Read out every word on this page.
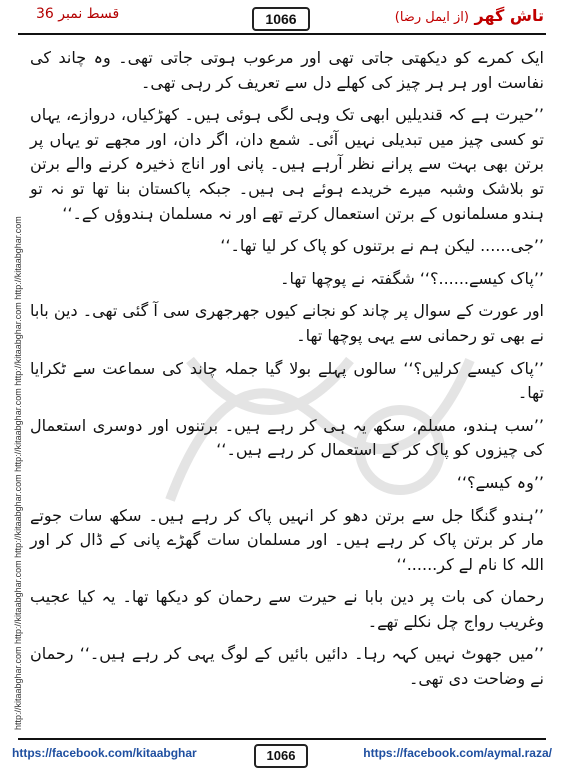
تاش گھر (از ایمل رضا)
1066
قسط نمبر 36
http://kitaabghar.com http://kitaabghar.com http://kitaabghar.com http://kitaabghar.com http://kitaabghar.com http://kitaabghar.com

ایک کمرے کو دیکھتی جاتی تھی اور مرعوب ہوتی جاتی تھی۔ وہ چاند کی نفاست اور ہر ہر چیز کی کھلے دل سے تعریف کر رہی تھی۔

’’حیرت ہے کہ قندیلیں ابھی تک وہی لگی ہوئی ہیں۔ کھڑکیاں، دروازے، یہاں تو کسی چیز میں تبدیلی نہیں آئی۔ شمع دان، اگر دان، اور مجھے تو یہاں پر برتن بھی بہت سے پرانے نظر آرہے ہیں۔ پانی اور اناج ذخیرہ کرنے والے برتن تو بلاشک وشبہ میرے خریدے ہوئے ہی ہیں۔ جبکہ پاکستان بنا تھا تو نہ تو ہندو مسلمانوں کے برتن استعمال کرتے تھے اور نہ مسلمان ہندوؤں کے۔‘‘

’’جی...... لیکن ہم نے برتنوں کو پاک کر لیا تھا۔‘‘

’’پاک کیسے......؟‘‘ شگفتہ نے پوچھا تھا۔

اور عورت کے سوال پر چاند کو نجانے کیوں جھرجھری سی آ گئی تھی۔ دین بابا نے بھی تو رحمانی سے یہی پوچھا تھا۔

’’پاک کیسے کرلیں؟‘‘ سالوں پہلے بولا گیا جملہ چاند کی سماعت سے ٹکرایا تھا۔

’’سب ہندو، مسلم، سکھ یہ ہی کر رہے ہیں۔ برتنوں اور دوسری استعمال کی چیزوں کو پاک کر کے استعمال کر رہے ہیں۔‘‘

’’وہ کیسے؟‘‘

’’ہندو گنگا جل سے برتن دھو کر انہیں پاک کر رہے ہیں۔ سکھ سات جوتے مار کر برتن پاک کر رہے ہیں۔ اور مسلمان سات گھڑے پانی کے ڈال کر اور اللہ کا نام لے کر......‘‘

رحمان کی بات پر دین بابا نے حیرت سے رحمان کو دیکھا تھا۔ یہ کیا عجیب وغریب رواج چل نکلے تھے۔

’’میں جھوٹ نہیں کہہ رہا۔ دائیں بائیں کے لوگ یہی کر رہے ہیں۔‘‘ رحمان نے وضاحت دی تھی۔

https://facebook.com/kitaabghar	1066	https://facebook.com/aymal.raza/
